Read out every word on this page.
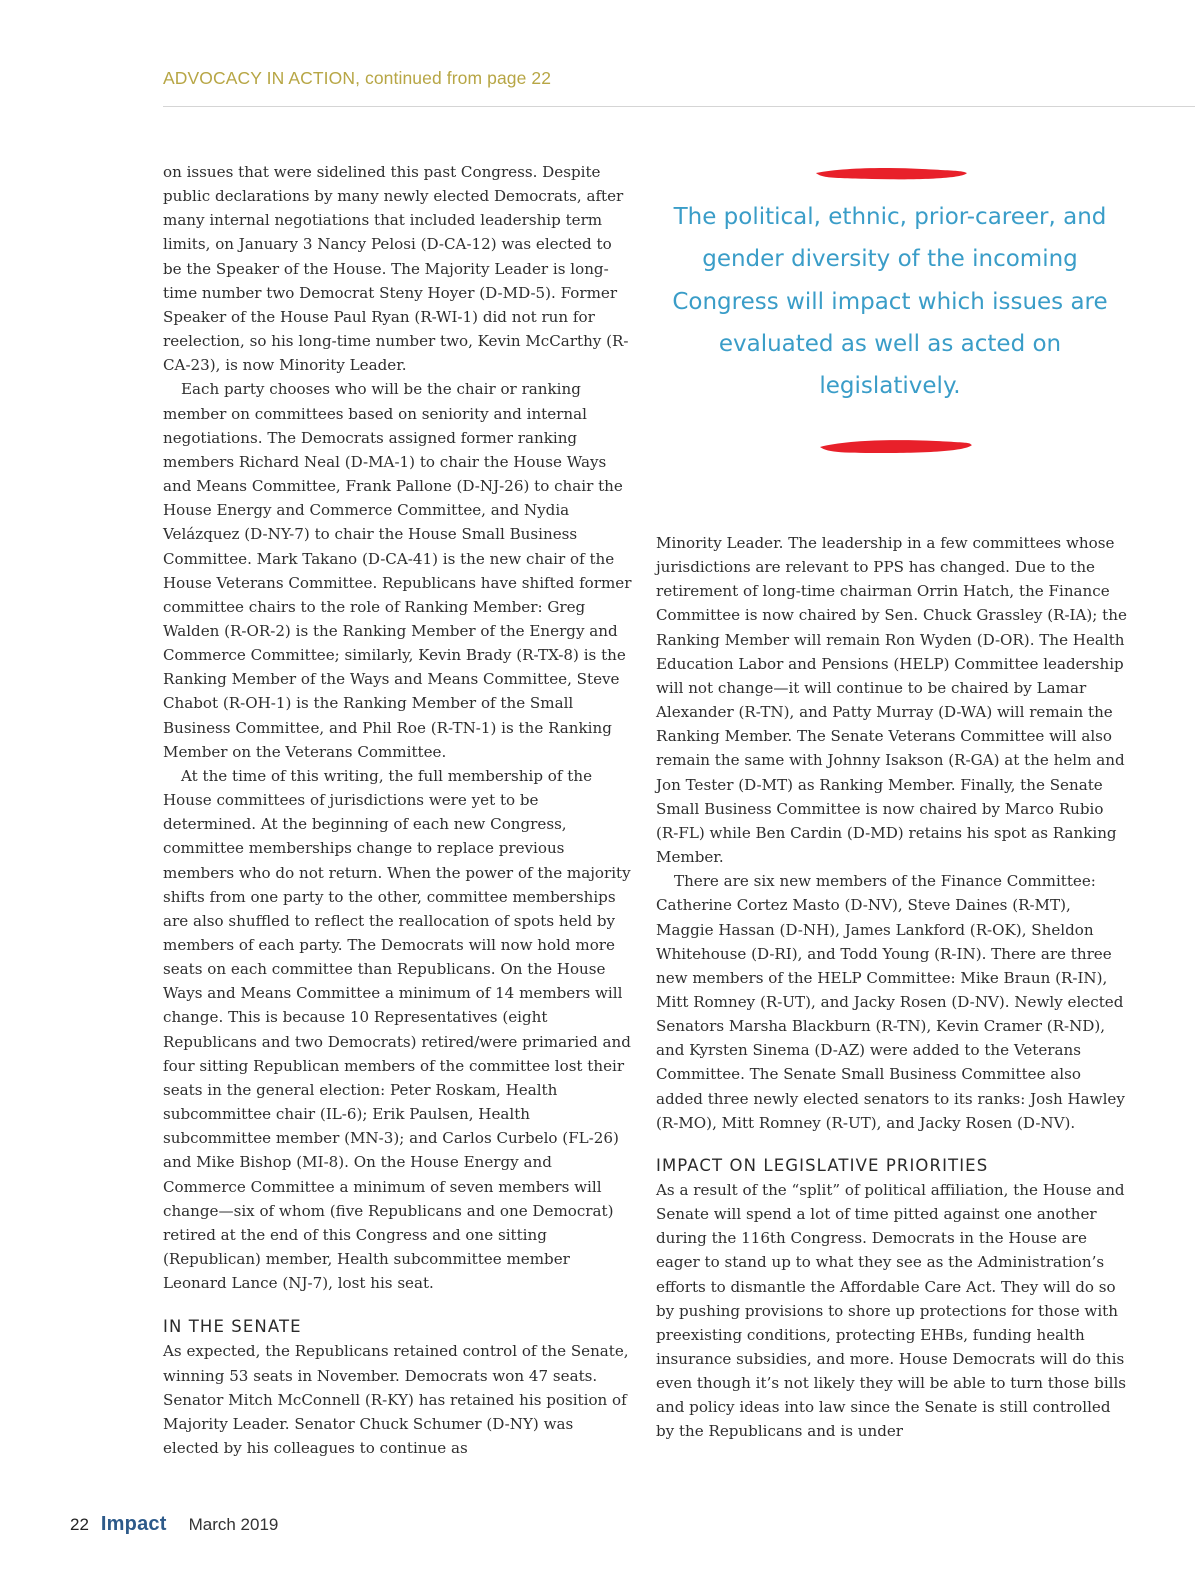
ADVOCACY IN ACTION, continued from page 22

on issues that were sidelined this past Congress. Despite public declarations by many newly elected Democrats, after many internal negotiations that included leadership term limits, on January 3 Nancy Pelosi (D-CA-12) was elected to be the Speaker of the House. The Majority Leader is long-time number two Democrat Steny Hoyer (D-MD-5). Former Speaker of the House Paul Ryan (R-WI-1) did not run for reelection, so his long-time number two, Kevin McCarthy (R-CA-23), is now Minority Leader.

Each party chooses who will be the chair or ranking member on committees based on seniority and internal negotiations. The Democrats assigned former ranking members Richard Neal (D-MA-1) to chair the House Ways and Means Committee, Frank Pallone (D-NJ-26) to chair the House Energy and Commerce Committee, and Nydia Velázquez (D-NY-7) to chair the House Small Business Committee. Mark Takano (D-CA-41) is the new chair of the House Veterans Committee. Republicans have shifted former committee chairs to the role of Ranking Member: Greg Walden (R-OR-2) is the Ranking Member of the Energy and Commerce Committee; similarly, Kevin Brady (R-TX-8) is the Ranking Member of the Ways and Means Committee, Steve Chabot (R-OH-1) is the Ranking Member of the Small Business Committee, and Phil Roe (R-TN-1) is the Ranking Member on the Veterans Committee.

At the time of this writing, the full membership of the House committees of jurisdictions were yet to be determined. At the beginning of each new Congress, committee memberships change to replace previous members who do not return. When the power of the majority shifts from one party to the other, committee memberships are also shuffled to reflect the reallocation of spots held by members of each party. The Democrats will now hold more seats on each committee than Republicans. On the House Ways and Means Committee a minimum of 14 members will change. This is because 10 Representatives (eight Republicans and two Democrats) retired/were primaried and four sitting Republican members of the committee lost their seats in the general election: Peter Roskam, Health subcommittee chair (IL-6); Erik Paulsen, Health subcommittee member (MN-3); and Carlos Curbelo (FL-26) and Mike Bishop (MI-8). On the House Energy and Commerce Committee a minimum of seven members will change—six of whom (five Republicans and one Democrat) retired at the end of this Congress and one sitting (Republican) member, Health subcommittee member Leonard Lance (NJ-7), lost his seat.

IN THE SENATE

As expected, the Republicans retained control of the Senate, winning 53 seats in November. Democrats won 47 seats. Senator Mitch McConnell (R-KY) has retained his position of Majority Leader. Senator Chuck Schumer (D-NY) was elected by his colleagues to continue as

The political, ethnic, prior-career, and gender diversity of the incoming Congress will impact which issues are evaluated as well as acted on legislatively.

Minority Leader. The leadership in a few committees whose jurisdictions are relevant to PPS has changed. Due to the retirement of long-time chairman Orrin Hatch, the Finance Committee is now chaired by Sen. Chuck Grassley (R-IA); the Ranking Member will remain Ron Wyden (D-OR). The Health Education Labor and Pensions (HELP) Committee leadership will not change—it will continue to be chaired by Lamar Alexander (R-TN), and Patty Murray (D-WA) will remain the Ranking Member. The Senate Veterans Committee will also remain the same with Johnny Isakson (R-GA) at the helm and Jon Tester (D-MT) as Ranking Member. Finally, the Senate Small Business Committee is now chaired by Marco Rubio (R-FL) while Ben Cardin (D-MD) retains his spot as Ranking Member.

There are six new members of the Finance Committee: Catherine Cortez Masto (D-NV), Steve Daines (R-MT), Maggie Hassan (D-NH), James Lankford (R-OK), Sheldon Whitehouse (D-RI), and Todd Young (R-IN). There are three new members of the HELP Committee: Mike Braun (R-IN), Mitt Romney (R-UT), and Jacky Rosen (D-NV). Newly elected Senators Marsha Blackburn (R-TN), Kevin Cramer (R-ND), and Kyrsten Sinema (D-AZ) were added to the Veterans Committee. The Senate Small Business Committee also added three newly elected senators to its ranks: Josh Hawley (R-MO), Mitt Romney (R-UT), and Jacky Rosen (D-NV).

IMPACT ON LEGISLATIVE PRIORITIES

As a result of the “split” of political affiliation, the House and Senate will spend a lot of time pitted against one another during the 116th Congress. Democrats in the House are eager to stand up to what they see as the Administration’s efforts to dismantle the Affordable Care Act. They will do so by pushing provisions to shore up protections for those with preexisting conditions, protecting EHBs, funding health insurance subsidies, and more. House Democrats will do this even though it’s not likely they will be able to turn those bills and policy ideas into law since the Senate is still controlled by the Republicans and is under

22 Impact March 2019
